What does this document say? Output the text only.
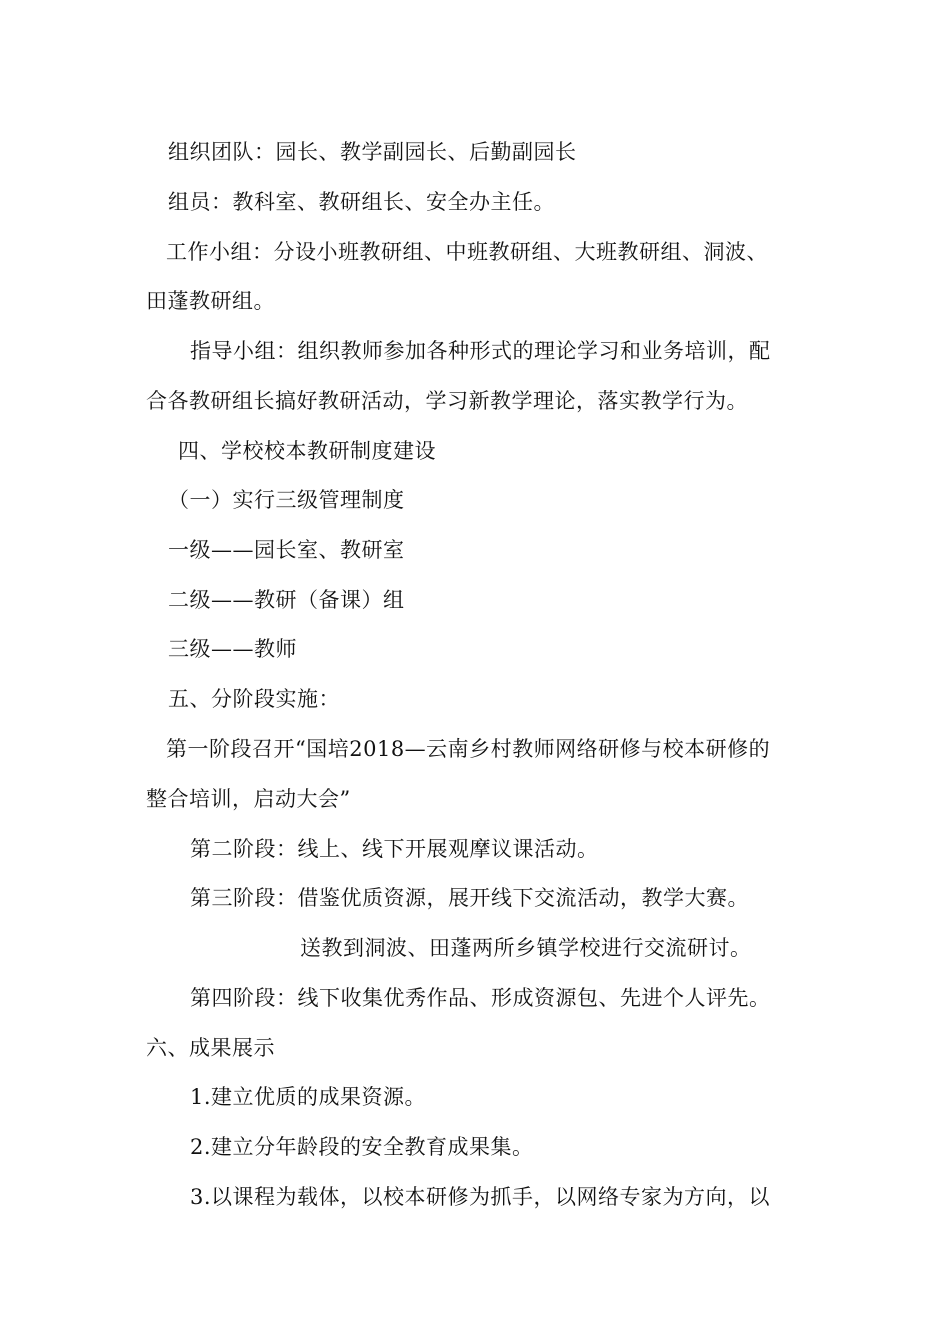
组织团队：园长、教学副园长、后勤副园长
组员：教科室、教研组长、安全办主任。
工作小组：分设小班教研组、中班教研组、大班教研组、洞波、
田蓬教研组。
指导小组：组织教师参加各种形式的理论学习和业务培训，配
合各教研组长搞好教研活动，学习新教学理论，落实教学行为。
四、学校校本教研制度建设
（一）实行三级管理制度
一级——园长室、教研室
二级——教研（备课）组
三级——教师
五、分阶段实施：
第一阶段召开“国培2018—云南乡村教师网络研修与校本研修的
整合培训，启动大会”
第二阶段：线上、线下开展观摩议课活动。
第三阶段：借鉴优质资源，展开线下交流活动，教学大赛。
送教到洞波、田蓬两所乡镇学校进行交流研讨。
第四阶段：线下收集优秀作品、形成资源包、先进个人评先。
六、成果展示
1.建立优质的成果资源。
2.建立分年龄段的安全教育成果集。
3.以课程为载体，以校本研修为抓手，以网络专家为方向，以
